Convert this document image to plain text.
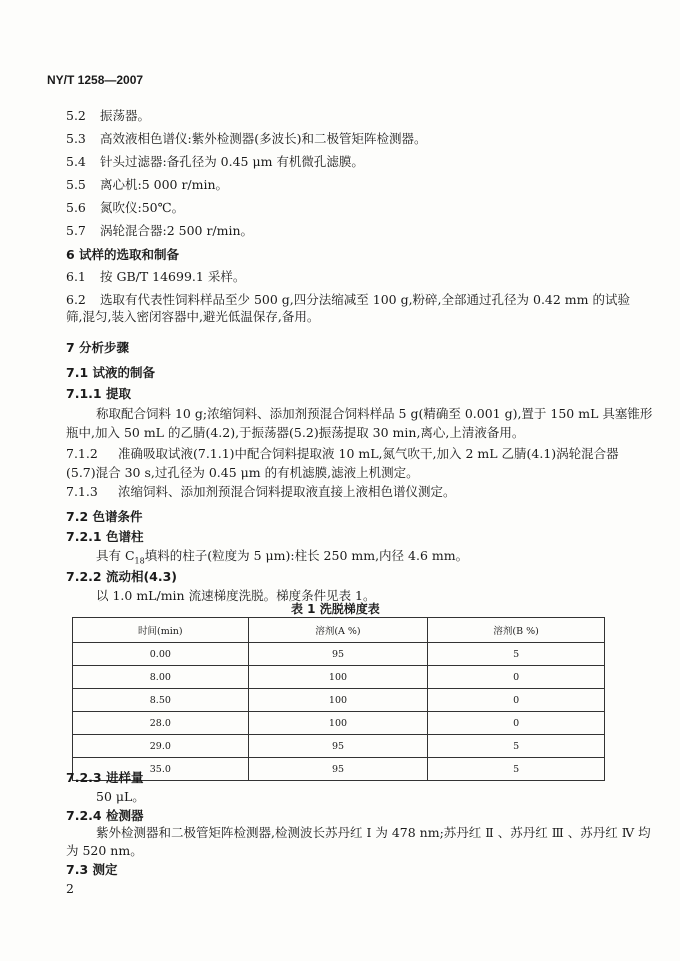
NY/T 1258—2007
5.2 振荡器。
5.3 高效液相色谱仪:紫外检测器(多波长)和二极管矩阵检测器。
5.4 针头过滤器:备孔径为 0.45 μm 有机微孔滤膜。
5.5 离心机:5 000 r/min。
5.6 氮吹仪:50℃。
5.7 涡轮混合器:2 500 r/min。
6 试样的选取和制备
6.1 按 GB/T 14699.1 采样。
6.2 选取有代表性饲料样品至少 500 g,四分法缩减至 100 g,粉碎,全部通过孔径为 0.42 mm 的试验
筛,混匀,装入密闭容器中,避光低温保存,备用。
7 分析步骤
7.1 试液的制备
7.1.1 提取
称取配合饲料 10 g;浓缩饲料、添加剂预混合饲料样品 5 g(精确至 0.001 g),置于 150 mL 具塞锥形
瓶中,加入 50 mL 的乙腈(4.2),于振荡器(5.2)振荡提取 30 min,离心,上清液备用。
7.1.2 准确吸取试液(7.1.1)中配合饲料提取液 10 mL,氮气吹干,加入 2 mL 乙腈(4.1)涡轮混合器
(5.7)混合 30 s,过孔径为 0.45 μm 的有机滤膜,滤液上机测定。
7.1.3 浓缩饲料、添加剂预混合饲料提取液直接上液相色谱仪测定。
7.2 色谱条件
7.2.1 色谱柱
具有 $C_{18}$填料的柱子(粒度为 5 μm):柱长 250 mm,内径 4.6 mm。
7.2.2 流动相(4.3)
以 1.0 mL/min 流速梯度洗脱。梯度条件见表 1。
表 1 洗脱梯度表
时间(min)	溶剂(A %)	溶剂(B %)
0.00	95	5
8.00	100	0
8.50	100	0
28.0	100	0
29.0	95	5
35.0	95	5
7.2.3 进样量
50 μL。
7.2.4 检测器
紫外检测器和二极管矩阵检测器,检测波长苏丹红 Ⅰ 为 478 nm;苏丹红 Ⅱ 、苏丹红 Ⅲ 、苏丹红 Ⅳ 均
为 520 nm。
7.3 测定
2
